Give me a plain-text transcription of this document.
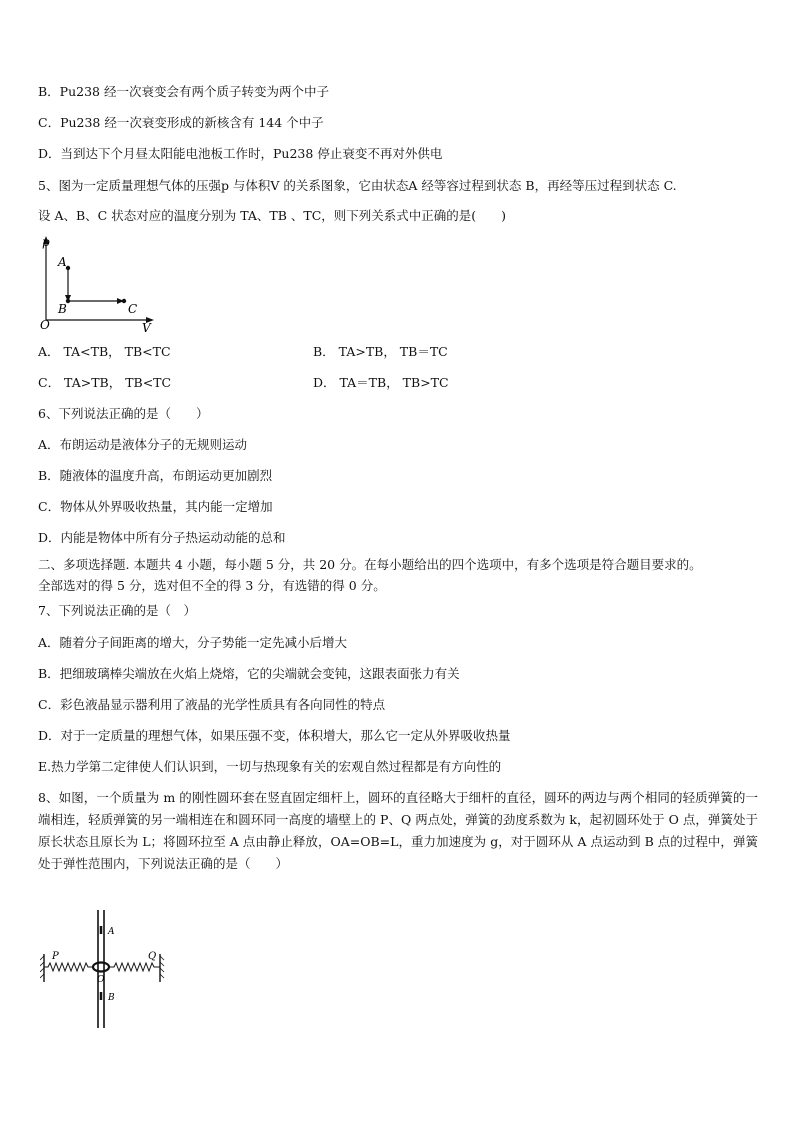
B．Pu238 经一次衰变会有两个质子转变为两个中子
C．Pu238 经一次衰变形成的新核含有 144 个中子
D．当到达下个月昼太阳能电池板工作时，Pu238 停止衰变不再对外供电
5、图为一定质量理想气体的压强p 与体积V 的关系图象，它由状态A 经等容过程到状态 B，再经等压过程到状态 C.
设 A、B、C 状态对应的温度分别为 TA、TB 、TC，则下列关系式中正确的是(　　)
p
V
O
A
B	C
A． TA<TB， TB<TC	B． TA>TB， TB＝TC
C． TA>TB， TB<TC	D． TA＝TB， TB>TC
6、下列说法正确的是（　　）
A．布朗运动是液体分子的无规则运动
B．随液体的温度升高，布朗运动更加剧烈
C．物体从外界吸收热量，其内能一定增加
D．内能是物体中所有分子热运动动能的总和
二、多项选择题. 本题共 4 小题，每小题 5 分，共 20 分。在每小题给出的四个选项中，有多个选项是符合题目要求的。
全部选对的得 5 分，选对但不全的得 3 分，有选错的得 0 分。
7、下列说法正确的是（　）
A．随着分子间距离的增大，分子势能一定先减小后增大
B．把细玻璃棒尖端放在火焰上烧熔，它的尖端就会变钝，这跟表面张力有关
C．彩色液晶显示器利用了液晶的光学性质具有各向同性的特点
D．对于一定质量的理想气体，如果压强不变，体积增大，那么它一定从外界吸收热量
E.热力学第二定律使人们认识到，一切与热现象有关的宏观自然过程都是有方向性的
8、如图，一个质量为 m 的刚性圆环套在竖直固定细杆上，圆环的直径略大于细杆的直径，圆环的两边与两个相同的轻质弹簧的一端相连，轻质弹簧的另一端相连在和圆环同一高度的墙壁上的 P、Q 两点处，弹簧的劲度系数为 k，起初圆环处于 O 点，弹簧处于原长状态且原长为 L；将圆环拉至 A 点由静止释放，OA=OB=L，重力加速度为 g，对于圆环从 A 点运动到 B 点的过程中，弹簧处于弹性范围内，下列说法正确的是（　　）
P	Q
A
O
B
